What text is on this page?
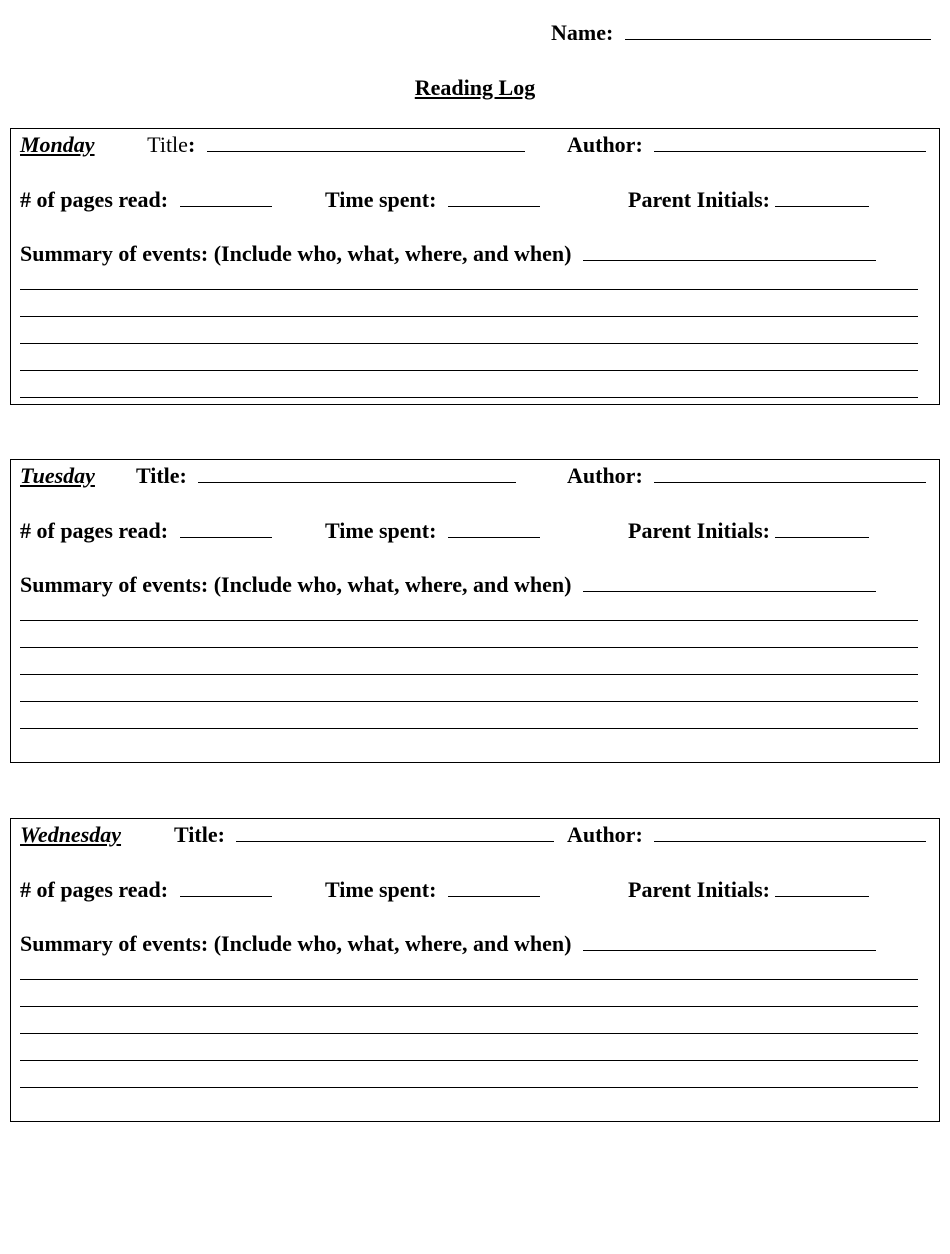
Name:
Reading Log
Monday Title:	Author:
# of pages read:	Time spent:	Parent Initials:
Summary of events: (Include who, what, where, and when)
Tuesday Title:	Author:
# of pages read:	Time spent:	Parent Initials:
Summary of events: (Include who, what, where, and when)
Wednesday Title:	Author:
# of pages read:	Time spent:	Parent Initials:
Summary of events: (Include who, what, where, and when)
